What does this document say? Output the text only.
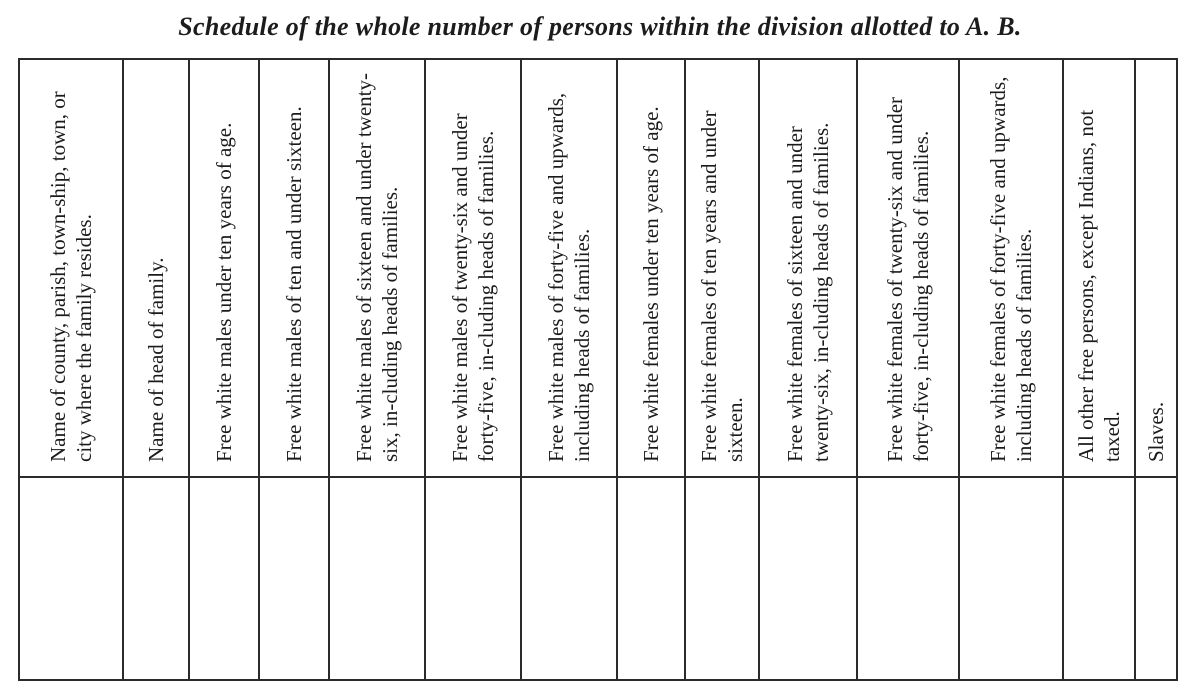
Schedule of the whole number of persons within the division allotted to A. B.
Name of county, parish, town-ship, town, or city where the family resides. Name of head of family. Free white males under ten years of age. Free white males of ten and under sixteen. Free white males of sixteen and under twenty-six, in-cluding heads of families. Free white males of twenty-six and under forty-five, in-cluding heads of families. Free white males of forty-five and upwards, including heads of families. Free white females under ten years of age. Free white females of ten years and under sixteen. Free white females of sixteen and under twenty-six, in-cluding heads of families. Free white females of twenty-six and under forty-five, in-cluding heads of families.	Free white females of forty-five and upwards, including heads of families. All other free persons, except Indians, not taxed. Slaves.
